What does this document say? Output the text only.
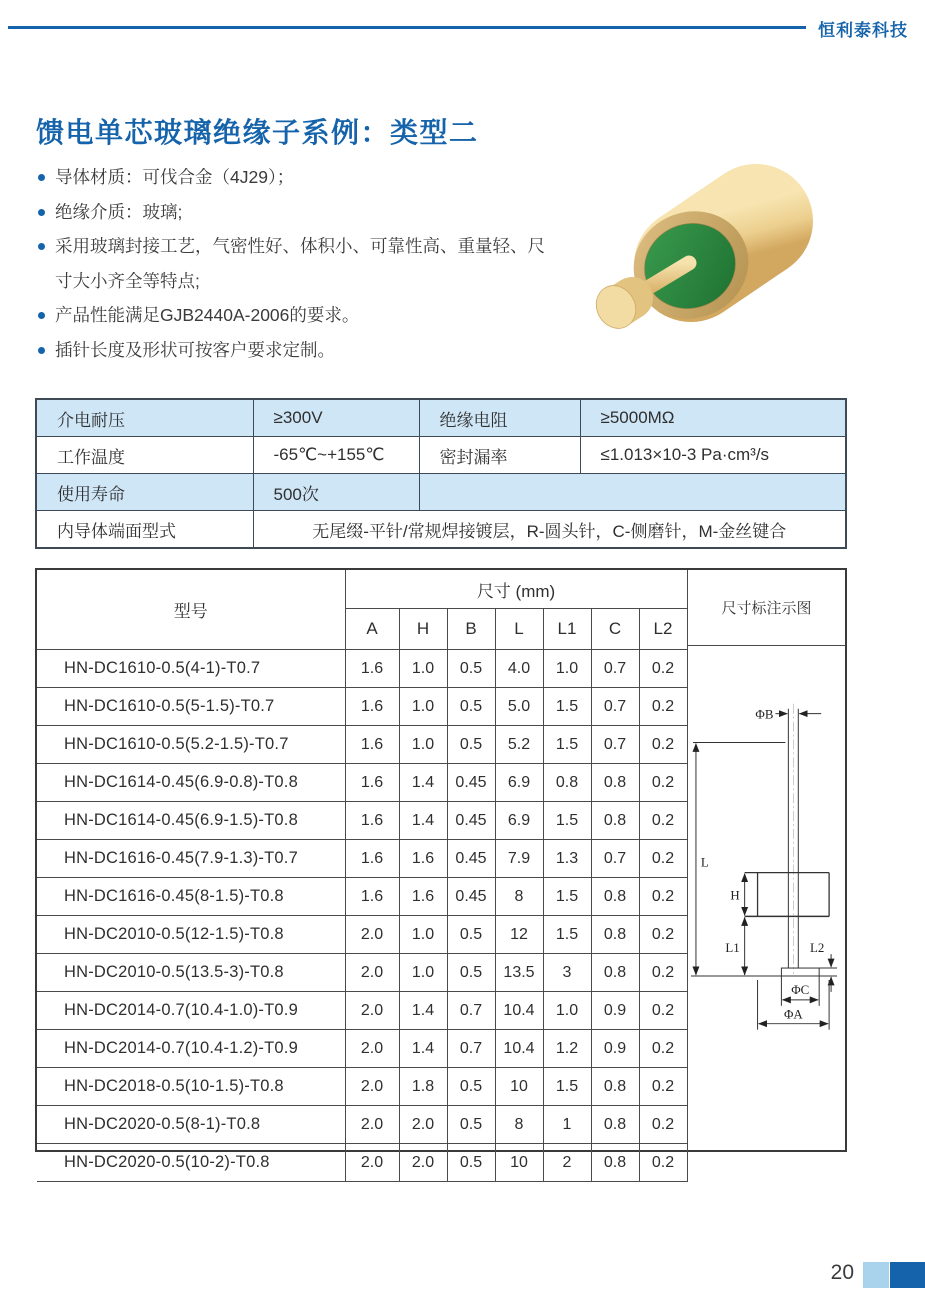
恒利泰科技
馈电单芯玻璃绝缘子系例：类型二
导体材质：可伐合金（4J29）；
绝缘介质：玻璃;
采用玻璃封接工艺，气密性好、体积小、可靠性高、重量轻、尺寸大小齐全等特点;
产品性能满足GJB2440A-2006的要求。
插针长度及形状可按客户要求定制。
介电耐压	≥300V	绝缘电阻	≥5000MΩ
工作温度	-65℃~+155℃	密封漏率	≤1.013×10-3 Pa·cm³/s
使用寿命	500次		
内导体端面型式	无尾缀-平针/常规焊接镀层，R-圆头针，C-侧磨针，M-金丝键合		
型号	尺寸 (mm)						
	A	H	B	L	L1	C	L2
HN-DC1610-0.5(4-1)-T0.7	1.6	1.0	0.5	4.0	1.0	0.7	0.2
HN-DC1610-0.5(5-1.5)-T0.7	1.6	1.0	0.5	5.0	1.5	0.7	0.2
HN-DC1610-0.5(5.2-1.5)-T0.7	1.6	1.0	0.5	5.2	1.5	0.7	0.2
HN-DC1614-0.45(6.9-0.8)-T0.8	1.6	1.4	0.45	6.9	0.8	0.8	0.2
HN-DC1614-0.45(6.9-1.5)-T0.8	1.6	1.4	0.45	6.9	1.5	0.8	0.2
HN-DC1616-0.45(7.9-1.3)-T0.7	1.6	1.6	0.45	7.9	1.3	0.7	0.2
HN-DC1616-0.45(8-1.5)-T0.8	1.6	1.6	0.45	8	1.5	0.8	0.2
HN-DC2010-0.5(12-1.5)-T0.8	2.0	1.0	0.5	12	1.5	0.8	0.2
HN-DC2010-0.5(13.5-3)-T0.8	2.0	1.0	0.5	13.5	3	0.8	0.2
HN-DC2014-0.7(10.4-1.0)-T0.9	2.0	1.4	0.7	10.4	1.0	0.9	0.2
HN-DC2014-0.7(10.4-1.2)-T0.9	2.0	1.4	0.7	10.4	1.2	0.9	0.2
HN-DC2018-0.5(10-1.5)-T0.8	2.0	1.8	0.5	10	1.5	0.8	0.2
HN-DC2020-0.5(8-1)-T0.8	2.0	2.0	0.5	8	1	0.8	0.2
HN-DC2020-0.5(10-2)-T0.8	2.0	2.0	0.5	10	2	0.8	0.2
尺寸标注示图
ΦB
L
H
L1	L2
ΦC
ΦA
20
